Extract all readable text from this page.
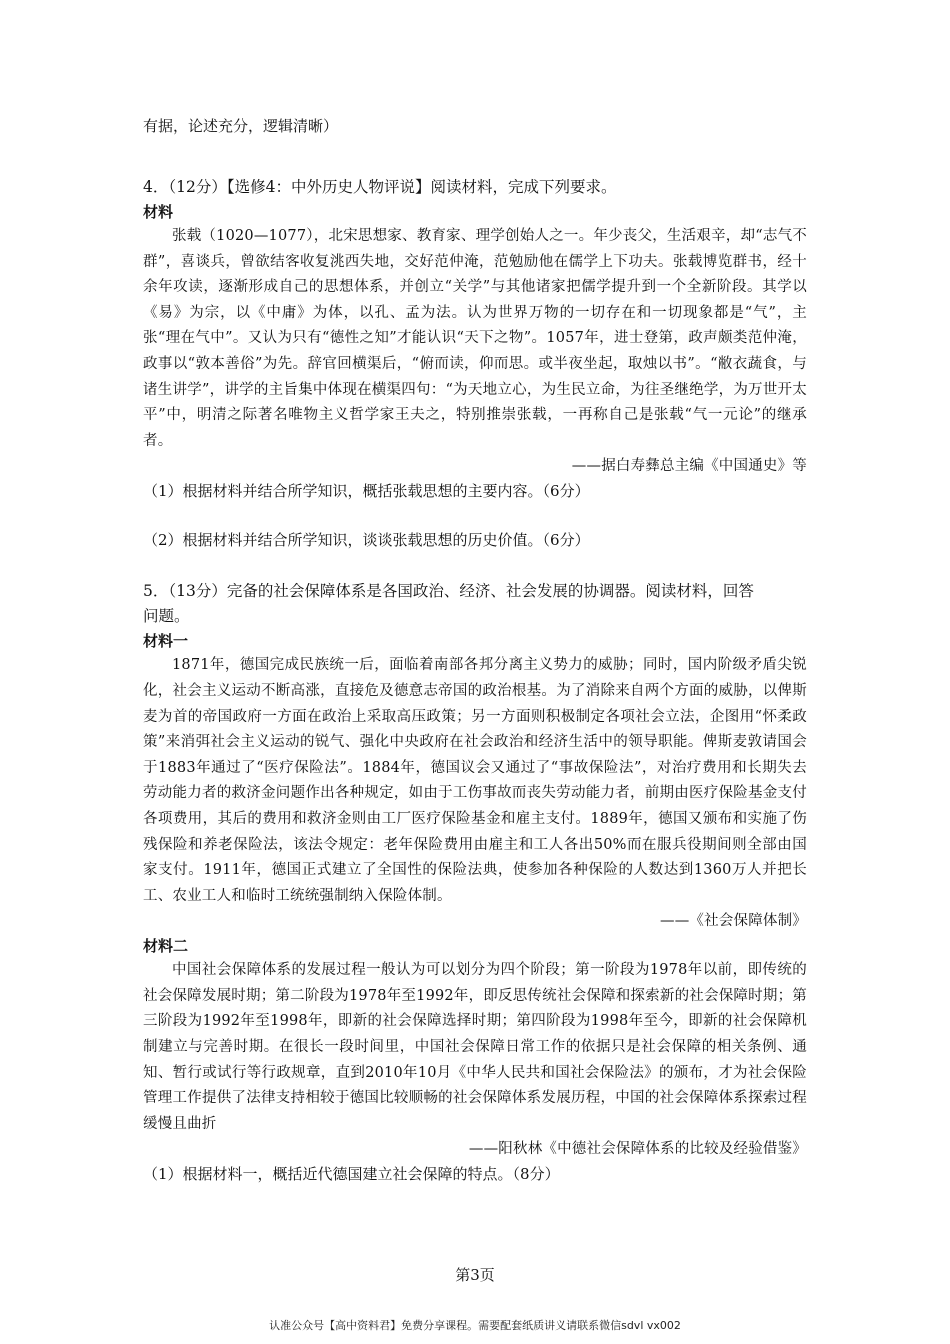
有据，论述充分，逻辑清晰）

4．（12分）【选修4：中外历史人物评说】阅读材料，完成下列要求。

材料

张载（1020—1077），北宋思想家、教育家、理学创始人之一。年少丧父，生活艰辛，却“志气不群”，喜谈兵，曾欲结客收复洮西失地，交好范仲淹，范勉励他在儒学上下功夫。张载博览群书，经十余年攻读，逐渐形成自己的思想体系，并创立“关学”与其他诸家把儒学提升到一个全新阶段。其学以《易》为宗，以《中庸》为体，以孔、孟为法。认为世界万物的一切存在和一切现象都是“气”，主张“理在气中”。又认为只有“德性之知”才能认识“天下之物”。1057年，进士登第，政声颇类范仲淹，政事以“敦本善俗”为先。辞官回横渠后，“俯而读，仰而思。或半夜坐起，取烛以书”。“敝衣蔬食，与诸生讲学”，讲学的主旨集中体现在横渠四句：“为天地立心，为生民立命，为往圣继绝学，为万世开太平”中，明清之际著名唯物主义哲学家王夫之，特别推崇张载，一再称自己是张载“气一元论”的继承者。

——据白寿彝总主编《中国通史》等

（1）根据材料并结合所学知识，概括张载思想的主要内容。（6分）

（2）根据材料并结合所学知识，谈谈张载思想的历史价值。（6分）

5．（13分）完备的社会保障体系是各国政治、经济、社会发展的协调器。阅读材料，回答

问题。

材料一

1871年，德国完成民族统一后，面临着南部各邦分离主义势力的威胁；同时，国内阶级矛盾尖锐化，社会主义运动不断高涨，直接危及德意志帝国的政治根基。为了消除来自两个方面的威胁，以俾斯麦为首的帝国政府一方面在政治上采取高压政策；另一方面则积极制定各项社会立法，企图用“怀柔政策”来消弭社会主义运动的锐气、强化中央政府在社会政治和经济生活中的领导职能。俾斯麦敦请国会于1883年通过了“医疗保险法”。1884年，德国议会又通过了“事故保险法”，对治疗费用和长期失去劳动能力者的救济金问题作出各种规定，如由于工伤事故而丧失劳动能力者，前期由医疗保险基金支付各项费用，其后的费用和救济金则由工厂医疗保险基金和雇主支付。1889年，德国又颁布和实施了伤残保险和养老保险法，该法令规定：老年保险费用由雇主和工人各出50%而在服兵役期间则全部由国家支付。1911年，德国正式建立了全国性的保险法典，使参加各种保险的人数达到1360万人并把长工、农业工人和临时工统统强制纳入保险体制。

——《社会保障体制》

材料二

中国社会保障体系的发展过程一般认为可以划分为四个阶段；第一阶段为1978年以前，即传统的社会保障发展时期；第二阶段为1978年至1992年，即反思传统社会保障和探索新的社会保障时期；第三阶段为1992年至1998年，即新的社会保障选择时期；第四阶段为1998年至今，即新的社会保障机制建立与完善时期。在很长一段时间里，中国社会保障日常工作的依据只是社会保障的相关条例、通知、暂行或试行等行政规章，直到2010年10月《中华人民共和国社会保险法》的颁布，才为社会保险管理工作提供了法律支持相较于德国比较顺畅的社会保障体系发展历程，中国的社会保障体系探索过程缓慢且曲折

——阳秋林《中德社会保障体系的比较及经验借鉴》

（1）根据材料一，概括近代德国建立社会保障的特点。（8分）

第3页
认准公众号【高中资料君】免费分享课程。需要配套纸质讲义请联系微信sdvl vx002
